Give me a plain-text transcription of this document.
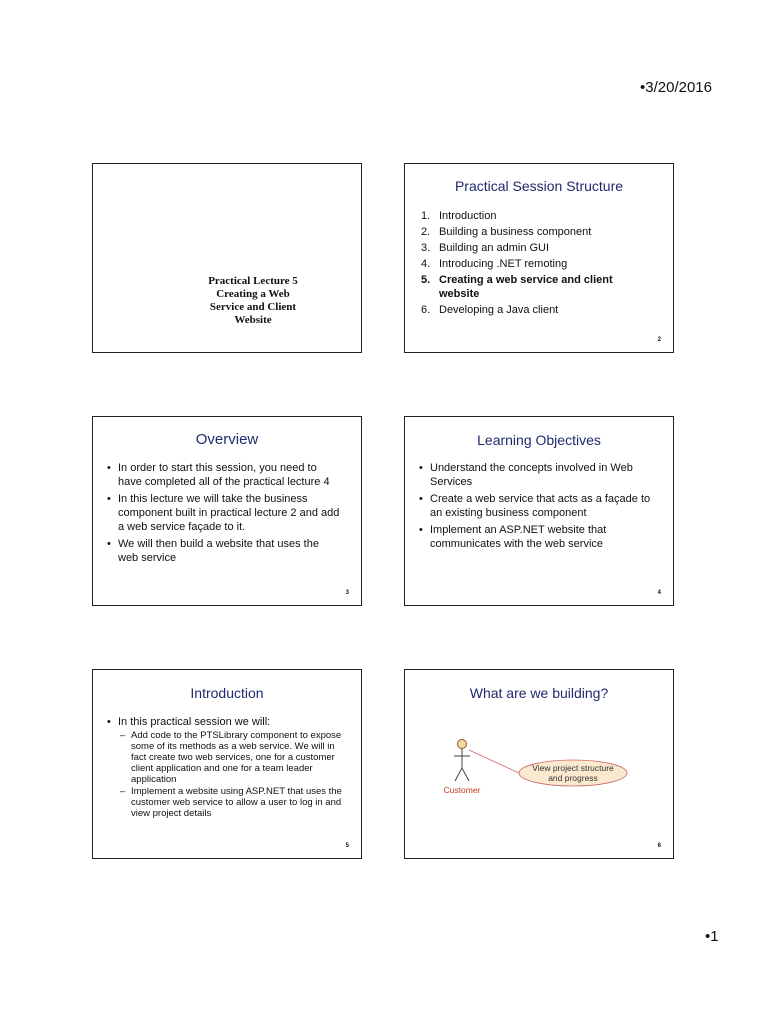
•3/20/2016
Practical Lecture 5
Creating a Web
Service and Client
Website
Practical Session Structure
1. Introduction
2. Building a business component
3. Building an admin GUI
4. Introducing .NET remoting
5. Creating a web service and client website
6. Developing a Java client
2
Overview
• In order to start this session, you need to have completed all of the practical lecture 4
• In this lecture we will take the business component built in practical lecture 2 and add a web service façade to it.
• We will then build a website that uses the web service
3
Learning Objectives
• Understand the concepts involved in Web Services
• Create a web service that acts as a façade to an existing business component
• Implement an ASP.NET website that communicates with the web service
4
Introduction
• In this practical session we will:
– Add code to the PTSLibrary component to expose some of its methods as a web service. We will in fact create two web services, one for a customer client application and one for a team leader application
– Implement a website using ASP.NET that uses the customer web service to allow a user to log in and view project details
5
What are we building?
View project structure
and progress
Customer
6
•1
